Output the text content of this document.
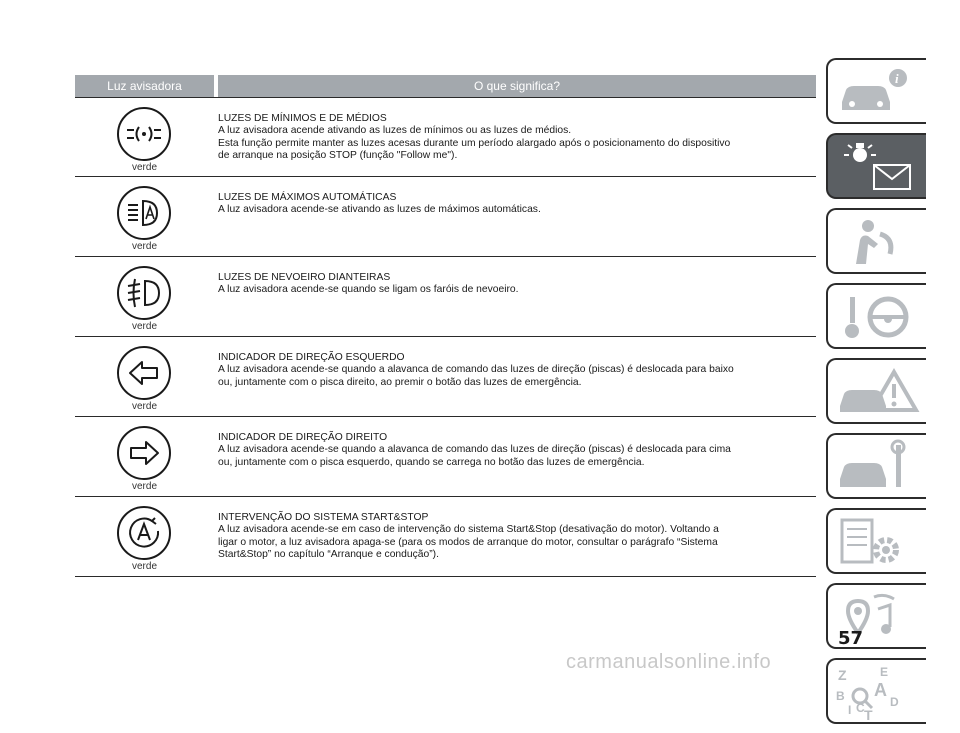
Luz avisadora	O que significa?
verde
LUZES DE MÍNIMOS E DE MÉDIOS
A luz avisadora acende ativando as luzes de mínimos ou as luzes de médios.
Esta função permite manter as luzes acesas durante um período alargado após o posicionamento do dispositivo
de arranque na posição STOP (função "Follow me").
verde
LUZES DE MÁXIMOS AUTOMÁTICAS
A luz avisadora acende-se ativando as luzes de máximos automáticas.
verde
LUZES DE NEVOEIRO DIANTEIRAS
A luz avisadora acende-se quando se ligam os faróis de nevoeiro.
verde
INDICADOR DE DIREÇÃO ESQUERDO
A luz avisadora acende-se quando a alavanca de comando das luzes de direção (piscas) é deslocada para baixo
ou, juntamente com o pisca direito, ao premir o botão das luzes de emergência.
verde
INDICADOR DE DIREÇÃO DIREITO
A luz avisadora acende-se quando a alavanca de comando das luzes de direção (piscas) é deslocada para cima
ou, juntamente com o pisca esquerdo, quando se carrega no botão das luzes de emergência.
verde
INTERVENÇÃO DO SISTEMA START&STOP
A luz avisadora acende-se em caso de intervenção do sistema Start&Stop (desativação do motor). Voltando a
ligar o motor, a luz avisadora apaga-se (para os modos de arranque do motor, consultar o parágrafo “Sistema
Start&Stop” no capítulo “Arranque e condução”).
i
Z	E
B A
I C D
T
57
carmanualsonline.info
